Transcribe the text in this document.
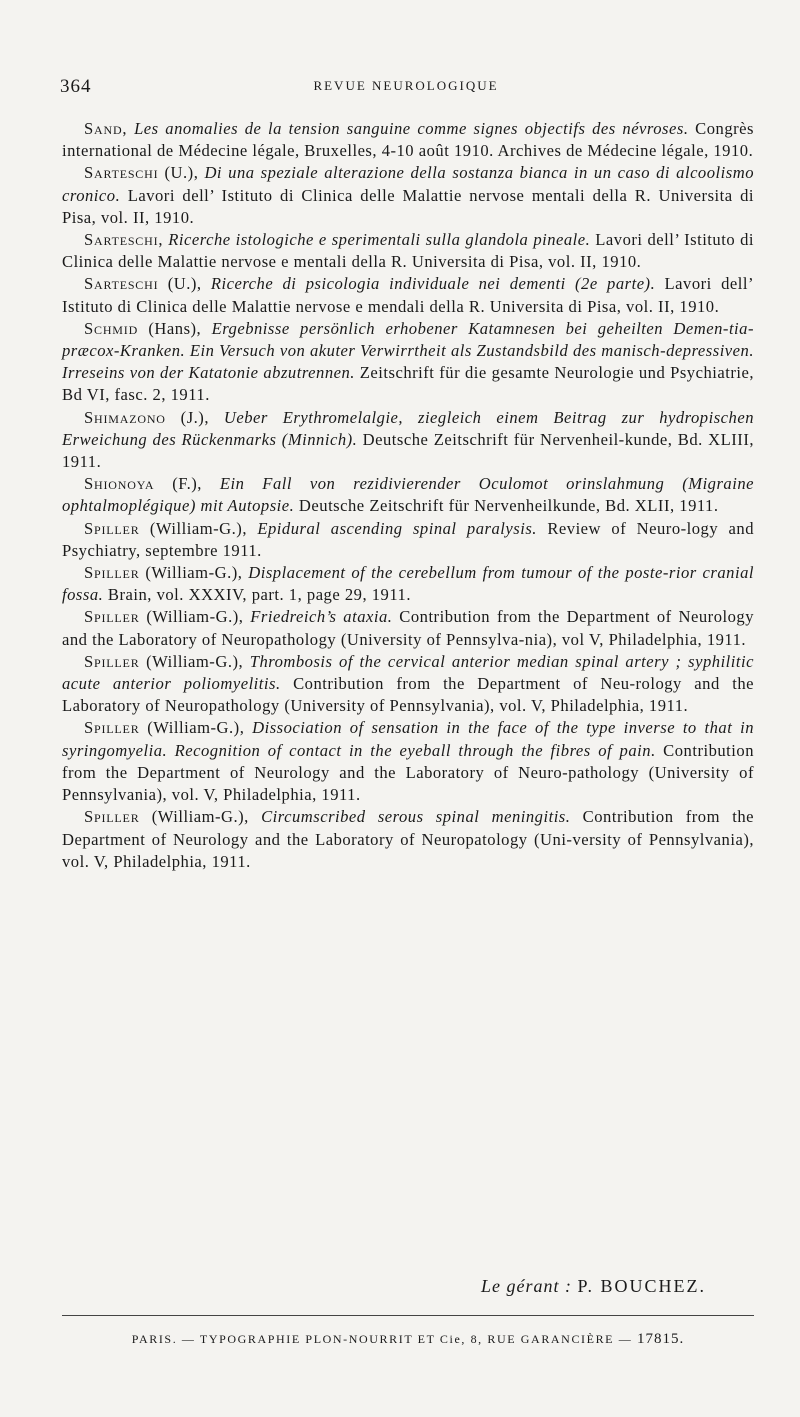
364	REVUE NEUROLOGIQUE

Sand, Les anomalies de la tension sanguine comme signes objectifs des névroses. Congrès international de Médecine légale, Bruxelles, 4-10 août 1910. Archives de Médecine légale, 1910.

Sarteschi (U.), Di una speziale alterazione della sostanza bianca in un caso di alcoolismo cronico. Lavori dell’ Istituto di Clinica delle Malattie nervose mentali della R. Universita di Pisa, vol. II, 1910.

Sarteschi, Ricerche istologiche e sperimentali sulla glandola pineale. Lavori dell’ Istituto di Clinica delle Malattie nervose e mentali della R. Universita di Pisa, vol. II, 1910.

Sarteschi (U.), Ricerche di psicologia individuale nei dementi (2e parte). Lavori dell’ Istituto di Clinica delle Malattie nervose e mendali della R. Universita di Pisa, vol. II, 1910.

Schmid (Hans), Ergebnisse persönlich erhobener Katamnesen bei geheilten Demen-tia-præcox-Kranken. Ein Versuch von akuter Verwirrtheit als Zustandsbild des manisch-depressiven. Irreseins von der Katatonie abzutrennen. Zeitschrift für die gesamte Neurologie und Psychiatrie, Bd VI, fasc. 2, 1911.

Shimazono (J.), Ueber Erythromelalgie, ziegleich einem Beitrag zur hydropischen Erweichung des Rückenmarks (Minnich). Deutsche Zeitschrift für Nervenheil-kunde, Bd. XLIII, 1911.

Shionoya (F.), Ein Fall von rezidivierender Oculomot orinslahmung (Migraine ophtalmoplégique) mit Autopsie. Deutsche Zeitschrift für Nervenheilkunde, Bd. XLII, 1911.

Spiller (William-G.), Epidural ascending spinal paralysis. Review of Neuro-logy and Psychiatry, septembre 1911.

Spiller (William-G.), Displacement of the cerebellum from tumour of the poste-rior cranial fossa. Brain, vol. XXXIV, part. 1, page 29, 1911.

Spiller (William-G.), Friedreich’s ataxia. Contribution from the Department of Neurology and the Laboratory of Neuropathology (University of Pennsylva-nia), vol V, Philadelphia, 1911.

Spiller (William-G.), Thrombosis of the cervical anterior median spinal artery ; syphilitic acute anterior poliomyelitis. Contribution from the Department of Neu-rology and the Laboratory of Neuropathology (University of Pennsylvania), vol. V, Philadelphia, 1911.

Spiller (William-G.), Dissociation of sensation in the face of the type inverse to that in syringomyelia. Recognition of contact in the eyeball through the fibres of pain. Contribution from the Department of Neurology and the Laboratory of Neuro-pathology (University of Pennsylvania), vol. V, Philadelphia, 1911.

Spiller (William-G.), Circumscribed serous spinal meningitis. Contribution from the Department of Neurology and the Laboratory of Neuropatology (Uni-versity of Pennsylvania), vol. V, Philadelphia, 1911.

Le gérant : P. BOUCHEZ.
PARIS. — TYPOGRAPHIE PLON-NOURRIT ET Cie, 8, RUE GARANCIÈRE — 17815.
